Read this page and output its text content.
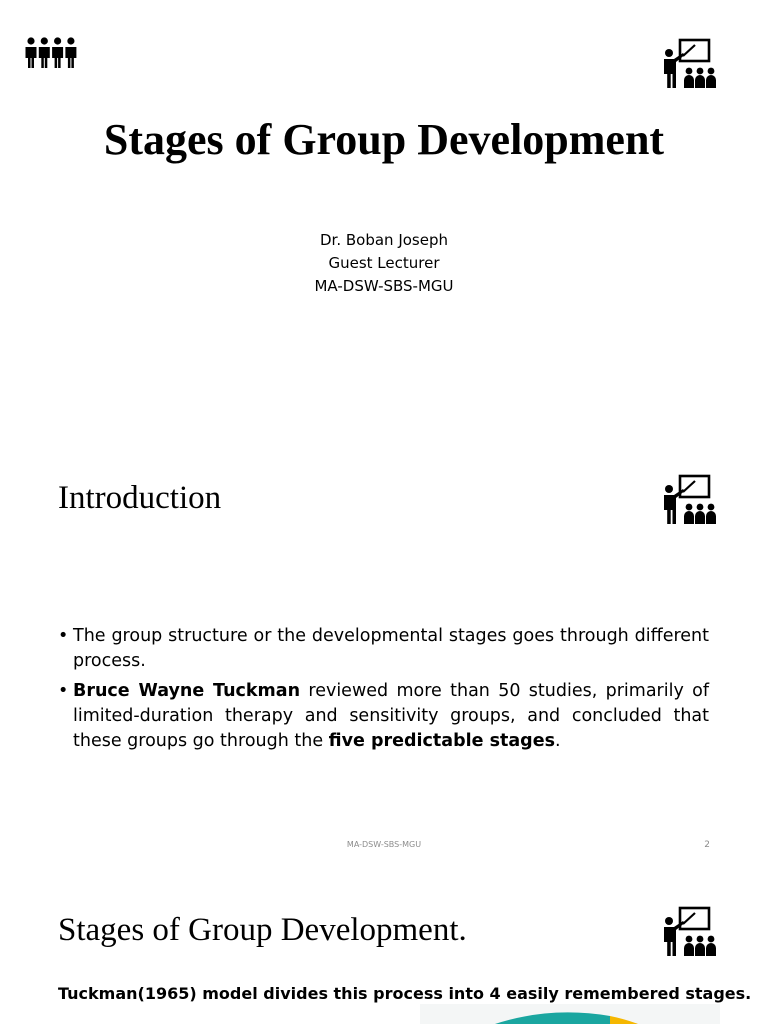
Stages of Group Development
Dr. Boban Joseph
Guest Lecturer
MA-DSW-SBS-MGU
Introduction
• The group structure or the developmental stages goes through different process.
• Bruce Wayne Tuckman reviewed more than 50 studies, primarily of limited-duration therapy and sensitivity groups, and concluded that these groups go through the five predictable stages.
MA-DSW-SBS-MGU	2
Stages of Group Development.
Tuckman(1965) model divides this process into 4 easily remembered stages.
